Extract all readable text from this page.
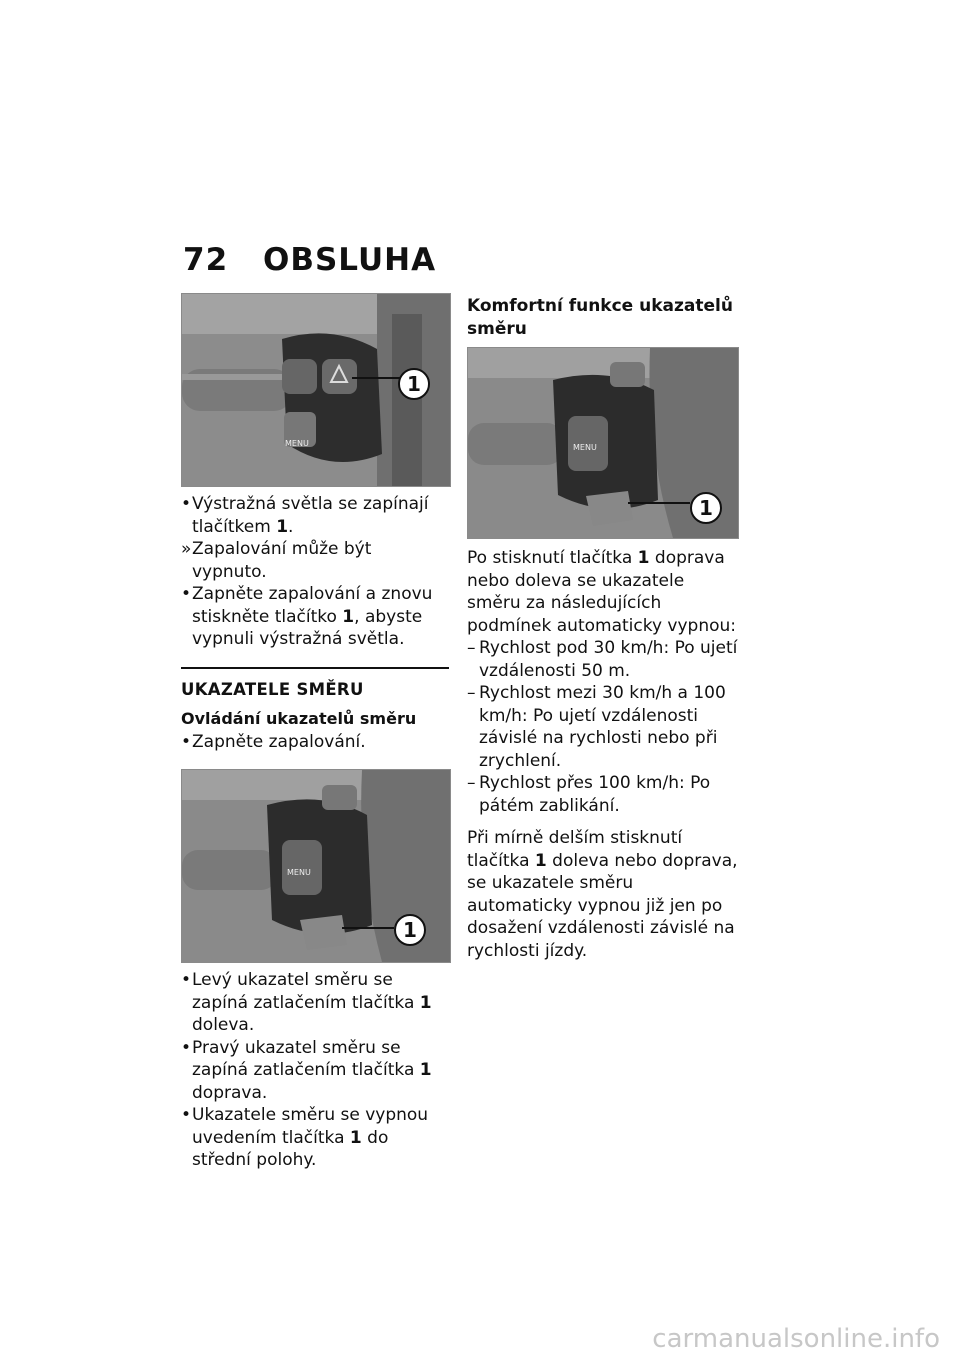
72 OBSLUHA
MENU
1
• Výstražná světla se zapínají tlačítkem 1.
» Zapalování může být vypnuto.
• Zapněte zapalování a znovu stiskněte tlačítko 1, abyste vypnuli výstražná světla.
UKAZATELE SMĚRU
Ovládání ukazatelů směru
• Zapněte zapalování.
MENU
1
• Levý ukazatel směru se zapíná zatlačením tlačítka 1 doleva.
• Pravý ukazatel směru se zapíná zatlačením tlačítka 1 doprava.
• Ukazatele směru se vypnou uvedením tlačítka 1 do střední polohy.
Komfortní funkce ukazatelů směru
MENU
1
Po stisknutí tlačítka 1 doprava nebo doleva se ukazatele směru za následujících podmínek automaticky vypnou:
– Rychlost pod 30 km/h: Po ujetí vzdálenosti 50 m.
– Rychlost mezi 30 km/h a 100 km/h: Po ujetí vzdálenosti závislé na rychlosti nebo při zrychlení.
– Rychlost přes 100 km/h: Po pátém zablikání.
Při mírně delším stisknutí tlačítka 1 doleva nebo doprava, se ukazatele směru automaticky vypnou již jen po dosažení vzdálenosti závislé na rychlosti jízdy.
carmanualsonline.info
